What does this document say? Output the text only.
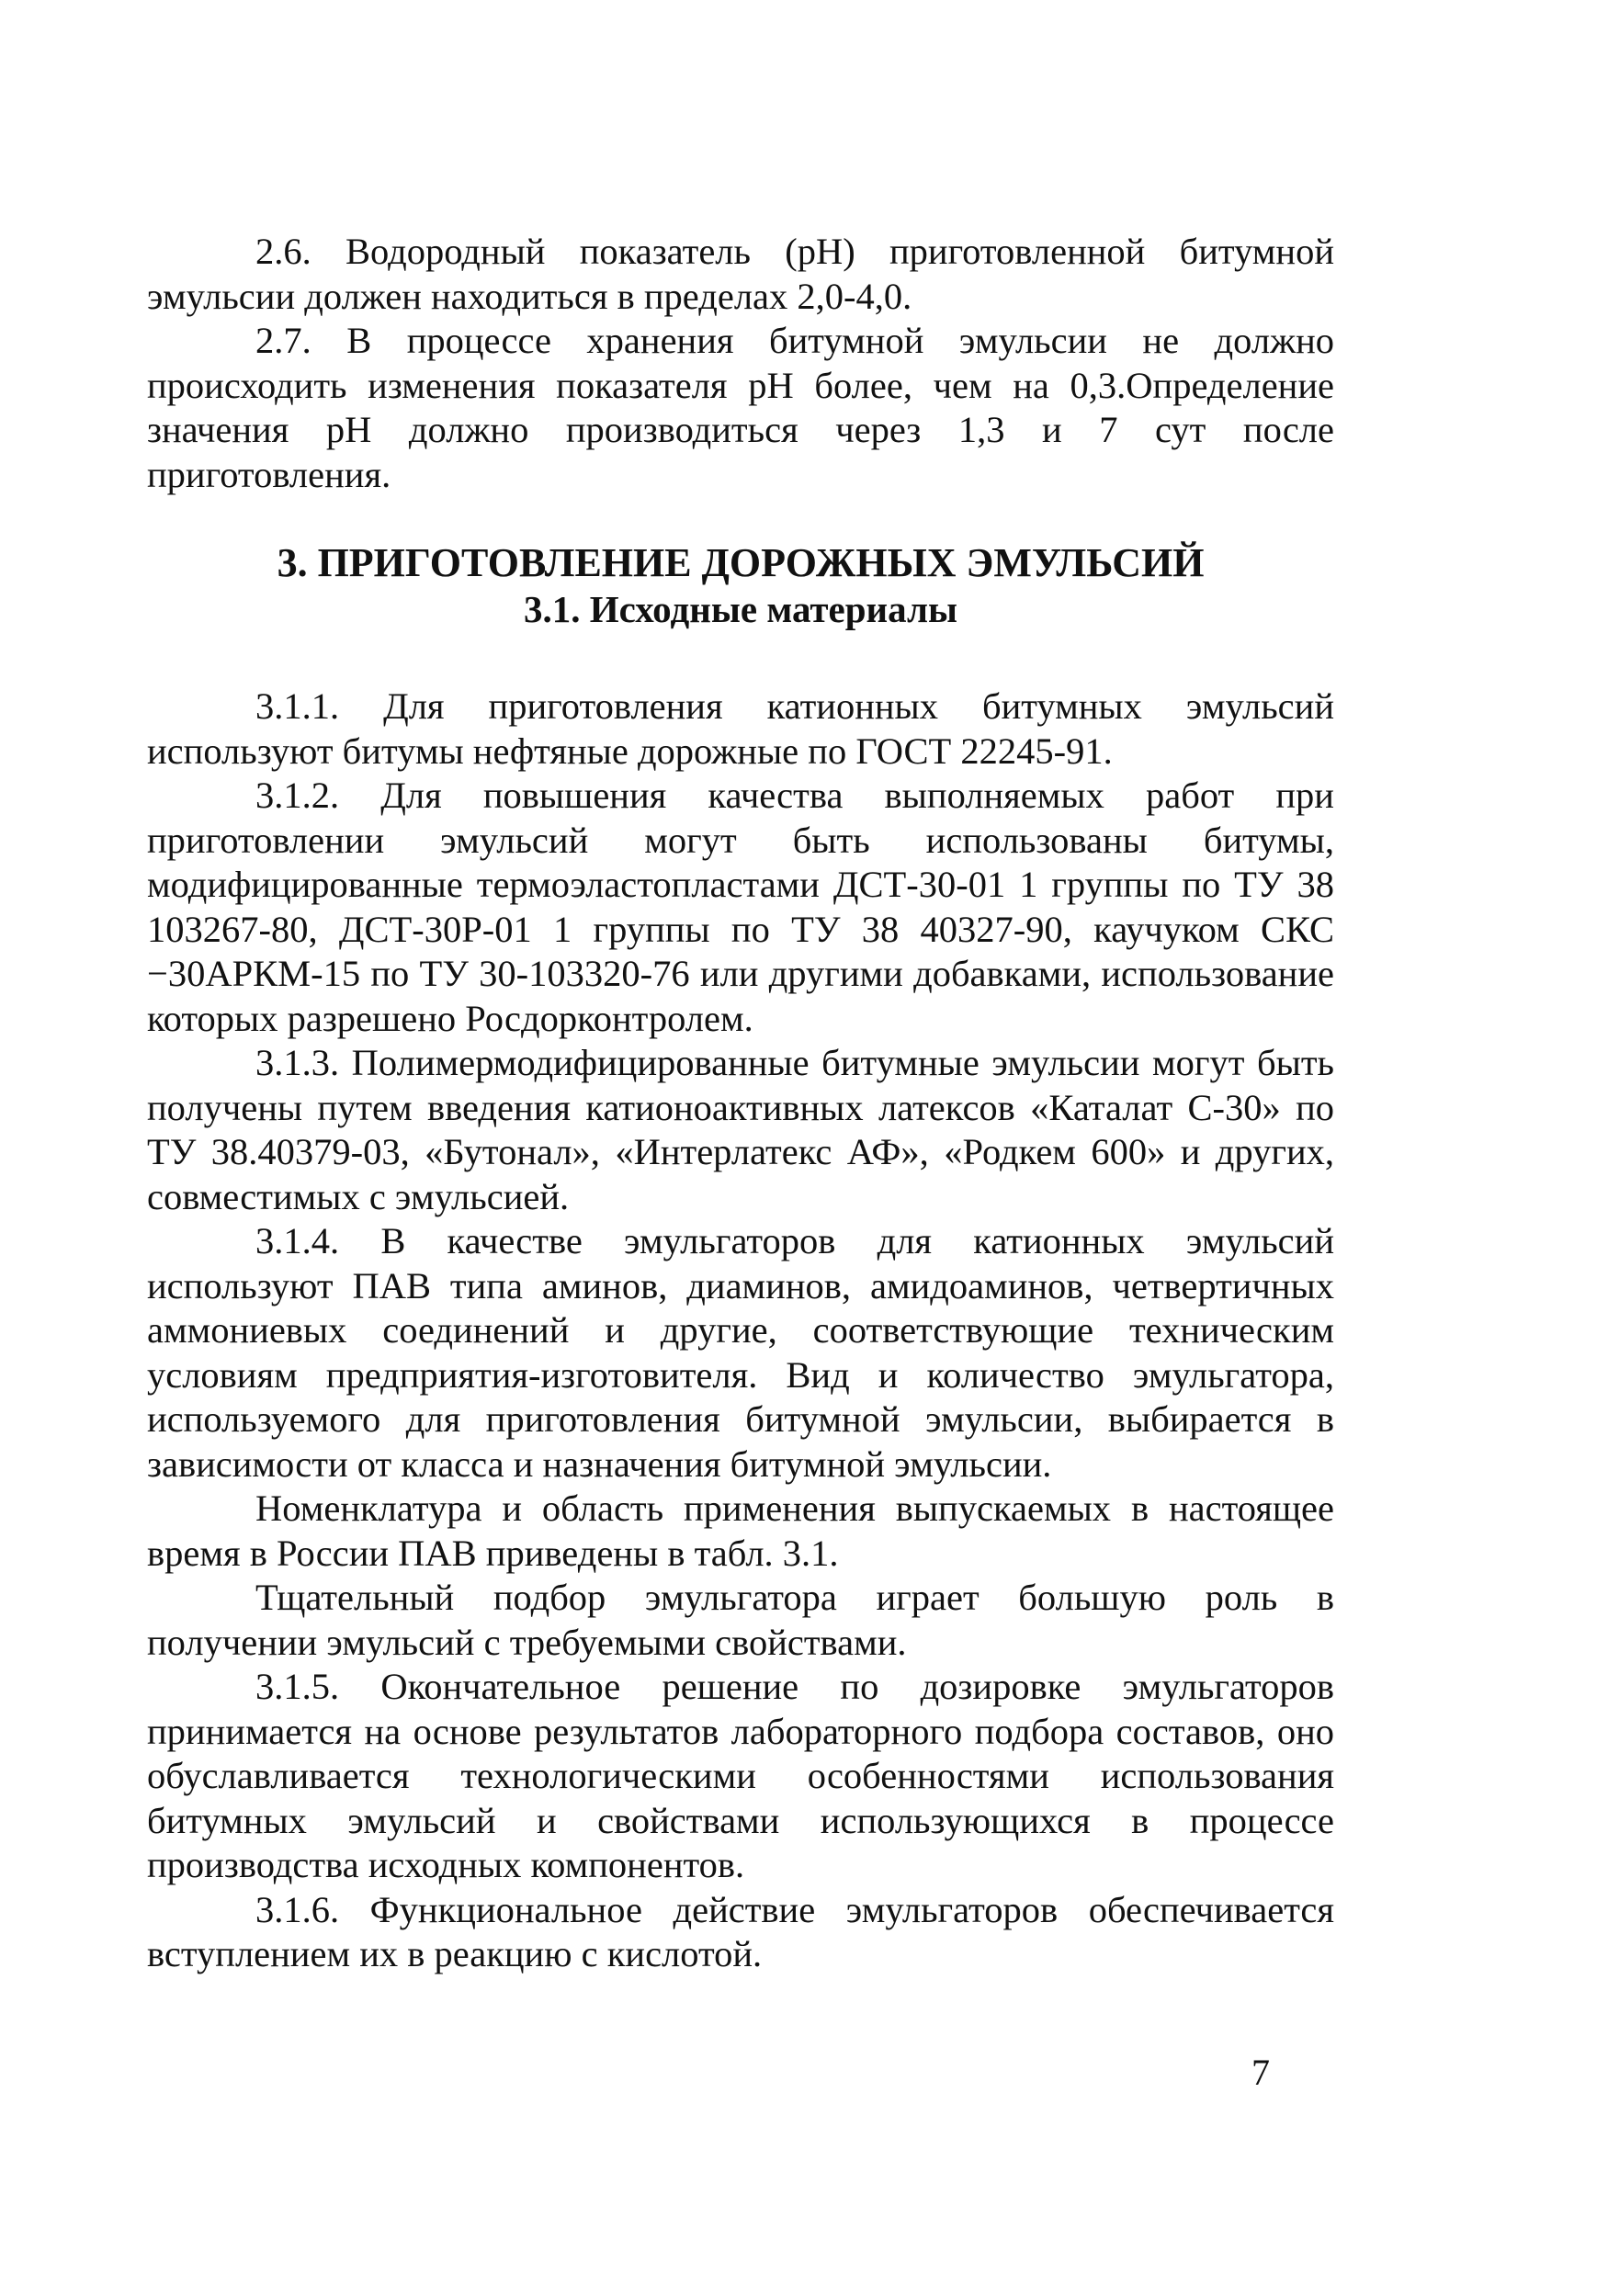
2.6. Водородный показатель (pH) приготовленной битумной эмульсии должен находиться в пределах 2,0-4,0.

2.7. В процессе хранения битумной эмульсии не должно происходить изменения показателя pH более, чем на 0,3.Определение значения pH должно производиться через 1,3 и 7 сут после приготовления.

3. ПРИГОТОВЛЕНИЕ ДОРОЖНЫХ ЭМУЛЬСИЙ
3.1. Исходные материалы

3.1.1. Для приготовления катионных битумных эмульсий используют битумы нефтяные дорожные по ГОСТ 22245-91.

3.1.2. Для повышения качества выполняемых работ при приготовлении эмульсий могут быть использованы битумы, модифицированные термоэластопластами ДСТ-30-01 1 группы по ТУ 38 103267-80, ДСТ-30Р-01 1 группы по ТУ 38 40327-90, каучуком СКС −30АРКМ-15 по ТУ 30-103320-76 или другими добавками, использование которых разрешено Росдорконтролем.

3.1.3. Полимермодифицированные битумные эмульсии могут быть получены путем введения катионоактивных латексов «Каталат С-30» по ТУ 38.40379-03, «Бутонал», «Интерлатекс АФ», «Родкем 600» и других, совместимых с эмульсией.

3.1.4. В качестве эмульгаторов для катионных эмульсий используют ПАВ типа аминов, диаминов, амидоаминов, четвертичных аммониевых соединений и другие, соответствующие техническим условиям предприятия-изготовителя. Вид и количество эмульгатора, используемого для приготовления битумной эмульсии, выбирается в зависимости от класса и назначения битумной эмульсии.

Номенклатура и область применения выпускаемых в настоящее время в России ПАВ приведены в табл. 3.1.

Тщательный подбор эмульгатора играет большую роль в получении эмульсий с требуемыми свойствами.

3.1.5. Окончательное решение по дозировке эмульгаторов принимается на основе результатов лабораторного подбора составов, оно обуславливается технологическими особенностями использования битумных эмульсий и свойствами использующихся в процессе производства исходных компонентов.

3.1.6. Функциональное действие эмульгаторов обеспечивается вступлением их в реакцию с кислотой.

7
